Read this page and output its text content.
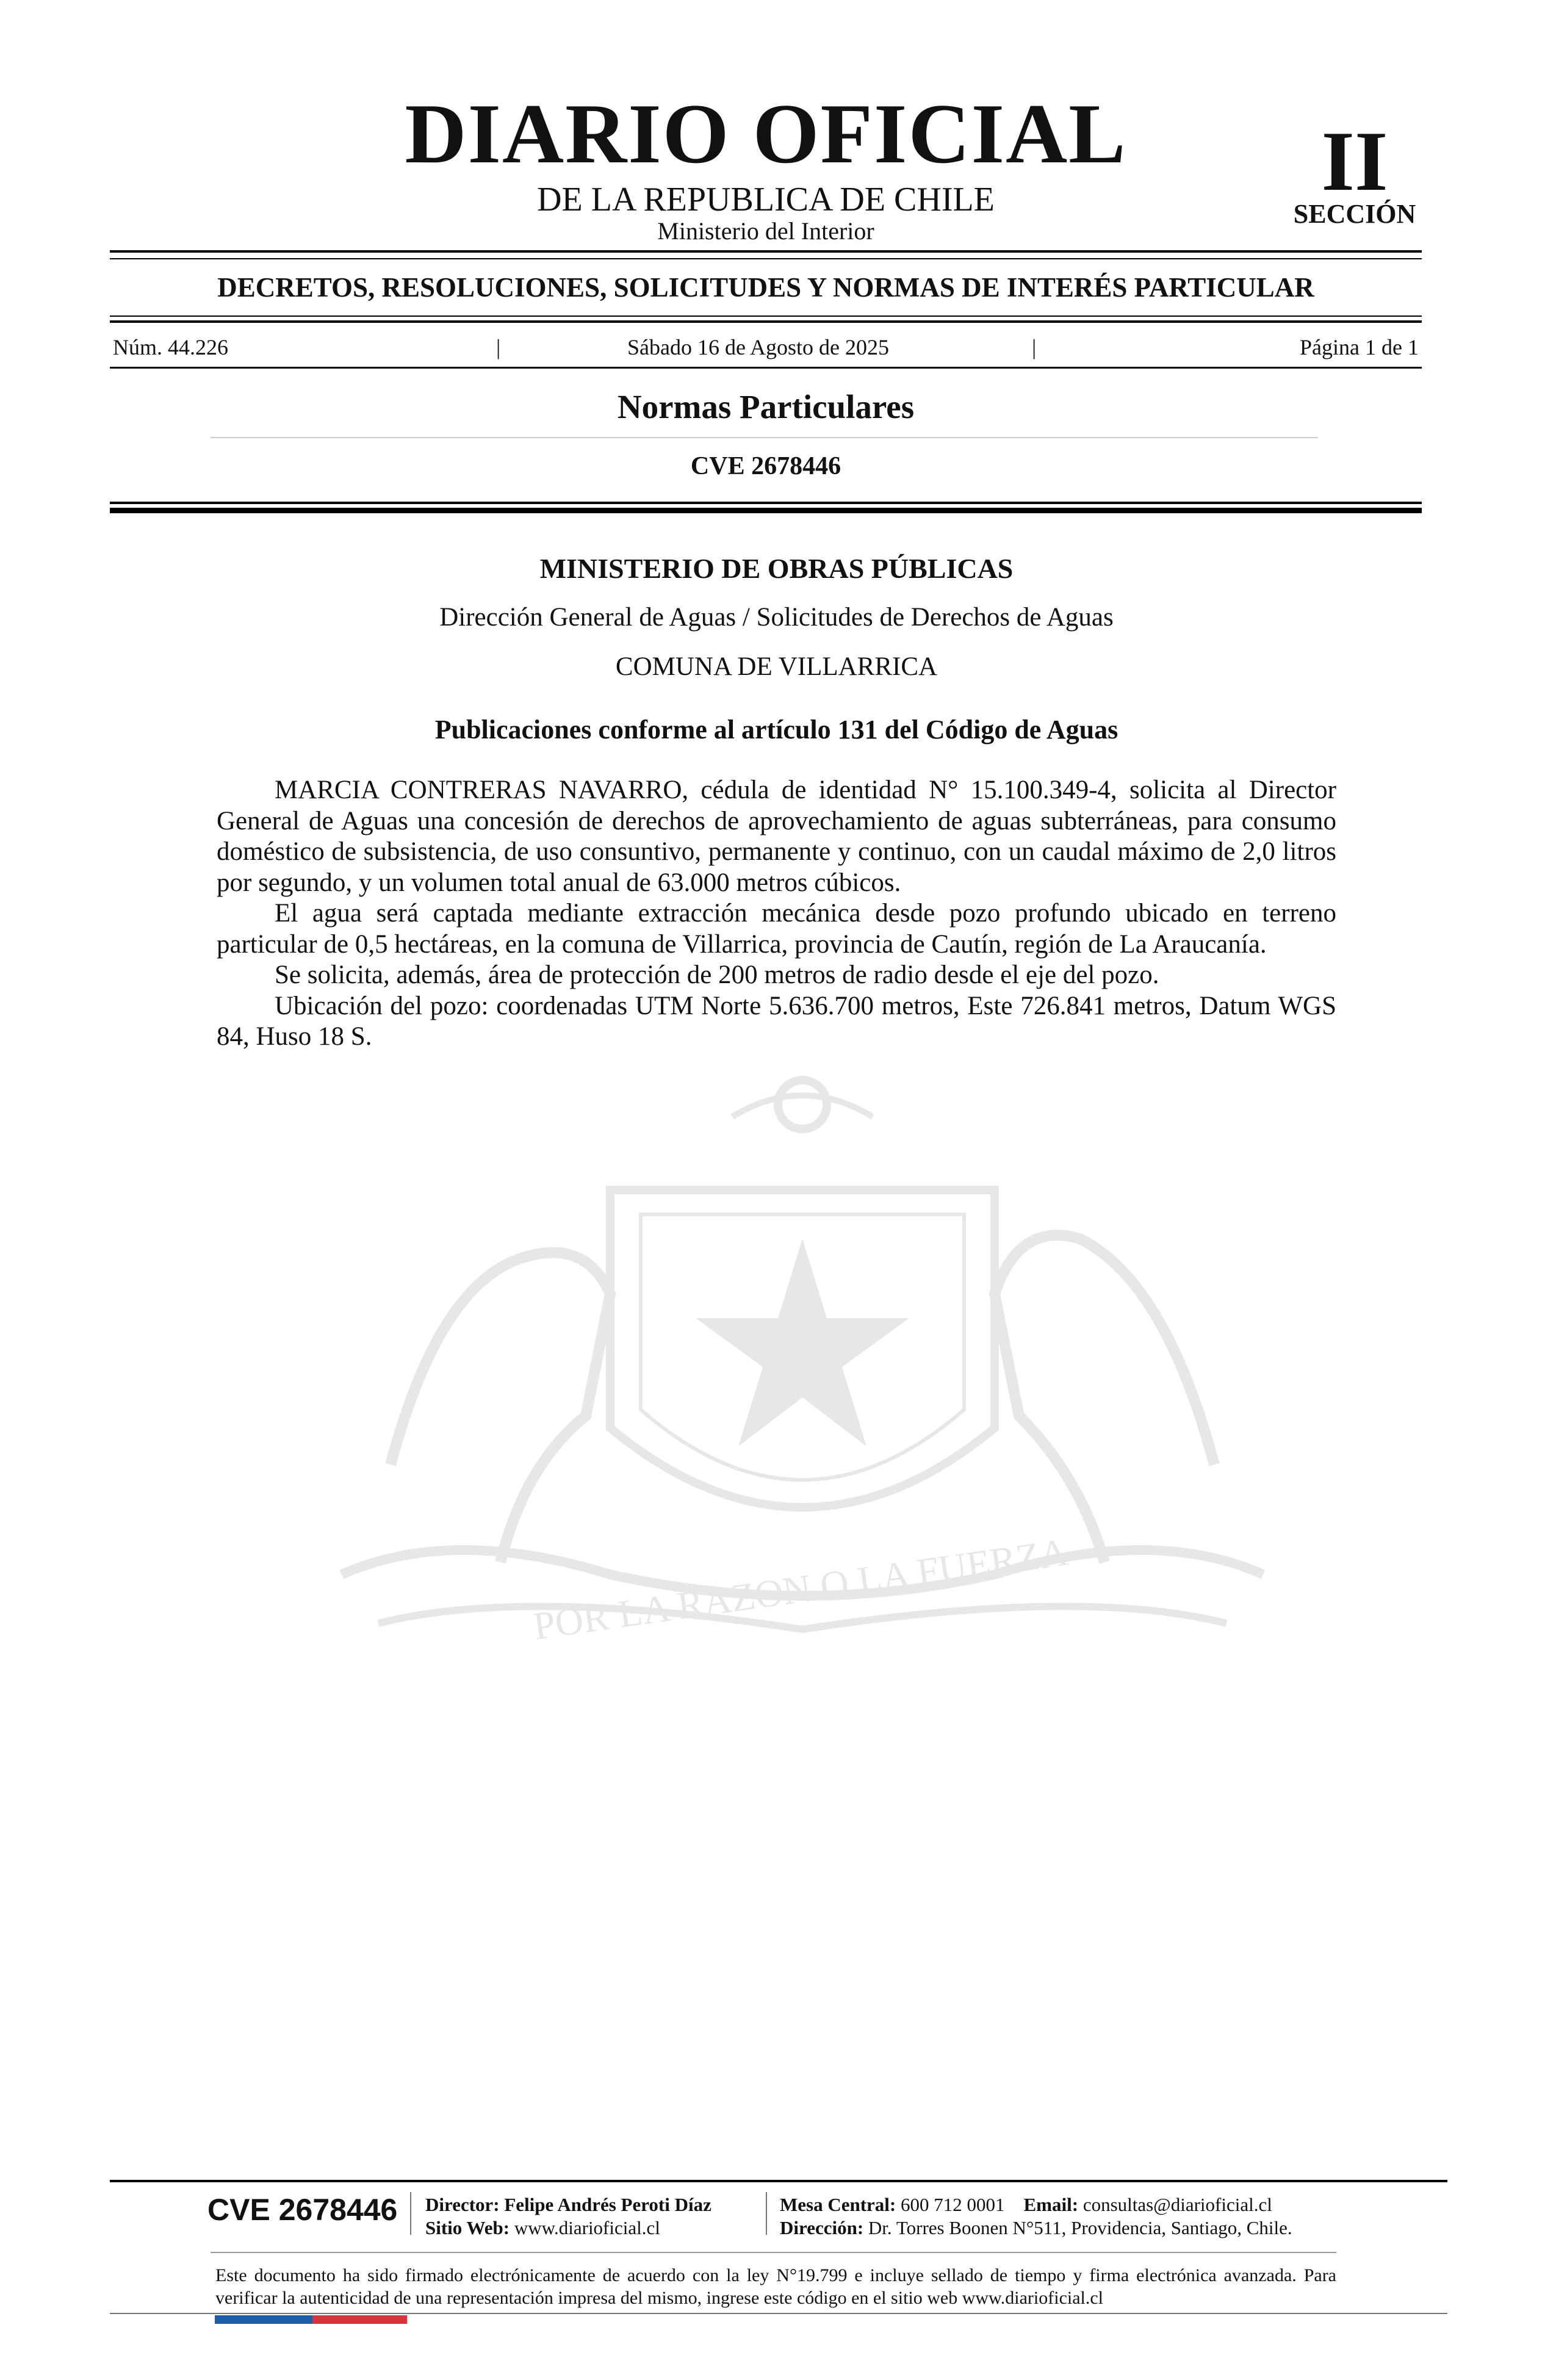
POR LA RAZON O LA FUERZA
DIARIO OFICIAL
DE LA REPUBLICA DE CHILE
Ministerio del Interior
II
SECCIÓN
DECRETOS, RESOLUCIONES, SOLICITUDES Y NORMAS DE INTERÉS PARTICULAR
Núm. 44.226	|	Sábado 16 de Agosto de 2025	|	Página 1 de 1
Normas Particulares
CVE 2678446
MINISTERIO DE OBRAS PÚBLICAS
Dirección General de Aguas / Solicitudes de Derechos de Aguas
COMUNA DE VILLARRICA
Publicaciones conforme al artículo 131 del Código de Aguas

MARCIA CONTRERAS NAVARRO, cédula de identidad N° 15.100.349-4, solicita al Director General de Aguas una concesión de derechos de aprovechamiento de aguas subterráneas, para consumo doméstico de subsistencia, de uso consuntivo, permanente y continuo, con un caudal máximo de 2,0 litros por segundo, y un volumen total anual de 63.000 metros cúbicos.

El agua será captada mediante extracción mecánica desde pozo profundo ubicado en terreno particular de 0,5 hectáreas, en la comuna de Villarrica, provincia de Cautín, región de La Araucanía.

Se solicita, además, área de protección de 200 metros de radio desde el eje del pozo.

Ubicación del pozo: coordenadas UTM Norte 5.636.700 metros, Este 726.841 metros, Datum WGS 84, Huso 18 S.

CVE 2678446 Director: Felipe Andrés Peroti Díaz
Sitio Web: www.diarioficial.cl
Mesa Central: 600 712 0001 Email: consultas@diarioficial.cl
Dirección: Dr. Torres Boonen N°511, Providencia, Santiago, Chile.
Este documento ha sido firmado electrónicamente de acuerdo con la ley N°19.799 e incluye sellado de tiempo y firma electrónica avanzada. Para verificar la autenticidad de una representación impresa del mismo, ingrese este código en el sitio web www.diarioficial.cl
